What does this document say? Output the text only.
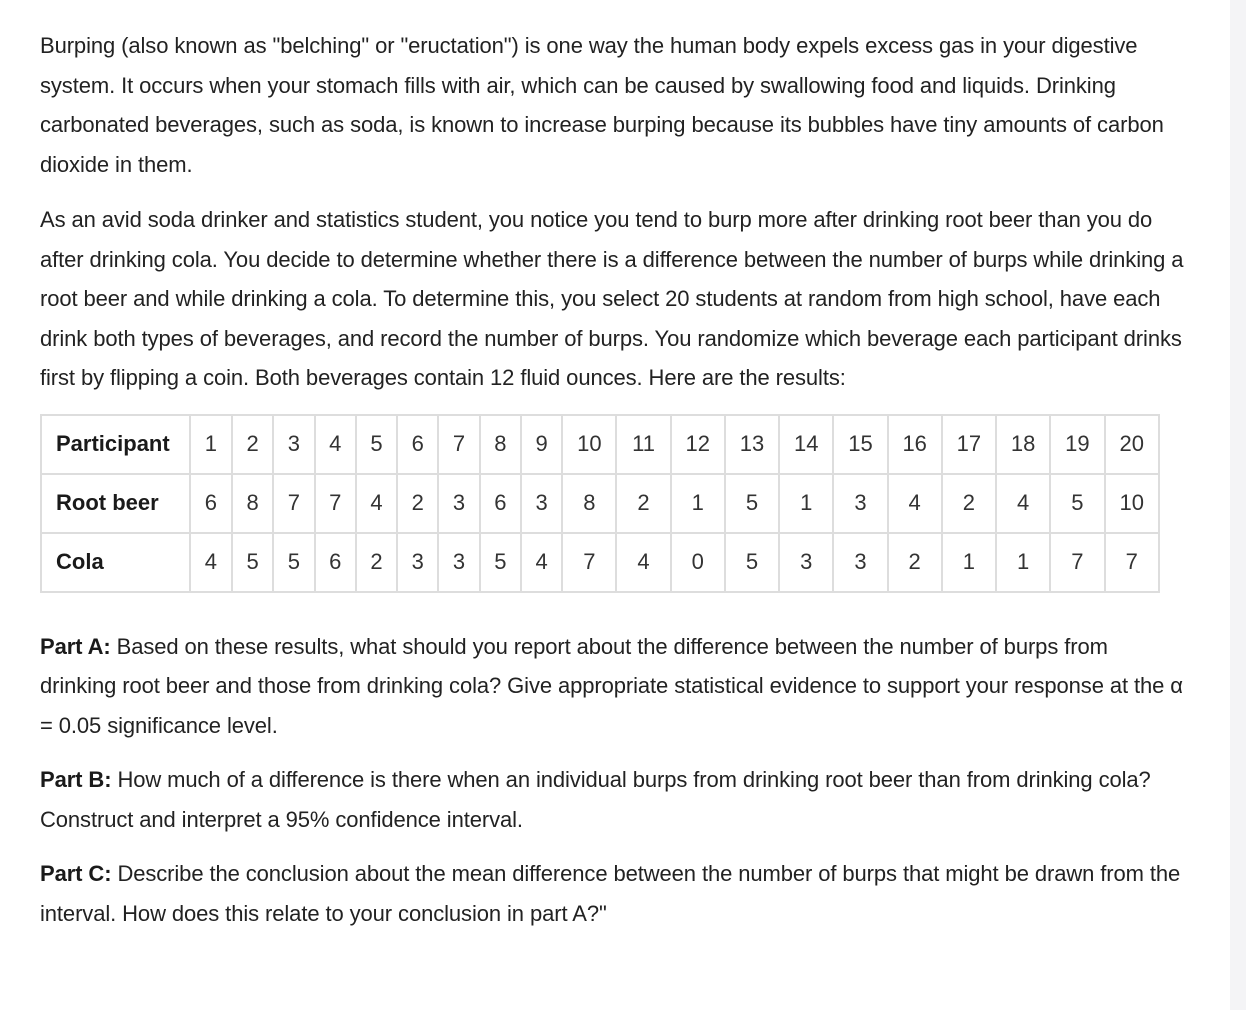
Burping (also known as "belching" or "eructation") is one way the human body expels excess gas in your digestive system. It occurs when your stomach fills with air, which can be caused by swallowing food and liquids. Drinking carbonated beverages, such as soda, is known to increase burping because its bubbles have tiny amounts of carbon dioxide in them.

As an avid soda drinker and statistics student, you notice you tend to burp more after drinking root beer than you do after drinking cola. You decide to determine whether there is a difference between the number of burps while drinking a root beer and while drinking a cola. To determine this, you select 20 students at random from high school, have each drink both types of beverages, and record the number of burps. You randomize which beverage each participant drinks first by flipping a coin. Both beverages contain 12 fluid ounces. Here are the results:

Participant	1	2	3	4	5	6	7	8	9	10	11	12	13	14	15	16	17	18	19	20
Root beer	6	8	7	7	4	2	3	6	3	8	2	1	5	1	3	4	2	4	5	10
Cola	4	5	5	6	2	3	3	5	4	7	4	0	5	3	3	2	1	1	7	7

Part A: Based on these results, what should you report about the difference between the number of burps from drinking root beer and those from drinking cola? Give appropriate statistical evidence to support your response at the α = 0.05 significance level.

Part B: How much of a difference is there when an individual burps from drinking root beer than from drinking cola? Construct and interpret a 95% confidence interval.

Part C: Describe the conclusion about the mean difference between the number of burps that might be drawn from the interval. How does this relate to your conclusion in part A?"
